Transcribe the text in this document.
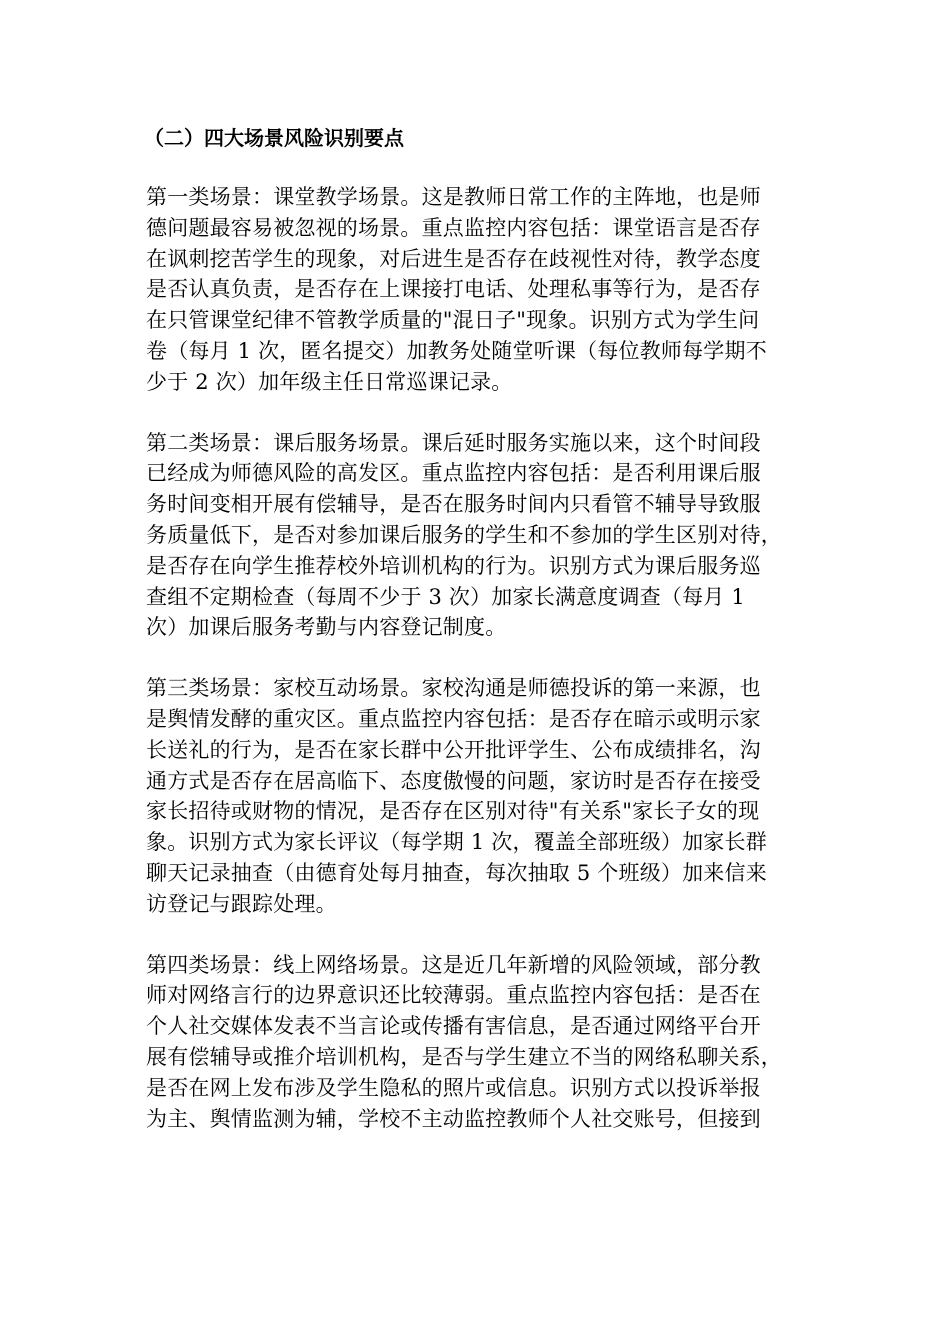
（二）四大场景风险识别要点
第一类场景：课堂教学场景。这是教师日常工作的主阵地，也是师
德问题最容易被忽视的场景。重点监控内容包括：课堂语言是否存
在讽刺挖苦学生的现象，对后进生是否存在歧视性对待，教学态度
是否认真负责，是否存在上课接打电话、处理私事等行为，是否存
在只管课堂纪律不管教学质量的"混日子"现象。识别方式为学生问
卷（每月 1 次，匿名提交）加教务处随堂听课（每位教师每学期不
少于 2 次）加年级主任日常巡课记录。
第二类场景：课后服务场景。课后延时服务实施以来，这个时间段
已经成为师德风险的高发区。重点监控内容包括：是否利用课后服
务时间变相开展有偿辅导，是否在服务时间内只看管不辅导导致服
务质量低下，是否对参加课后服务的学生和不参加的学生区别对待，
是否存在向学生推荐校外培训机构的行为。识别方式为课后服务巡
查组不定期检查（每周不少于 3 次）加家长满意度调查（每月 1
次）加课后服务考勤与内容登记制度。
第三类场景：家校互动场景。家校沟通是师德投诉的第一来源，也
是舆情发酵的重灾区。重点监控内容包括：是否存在暗示或明示家
长送礼的行为，是否在家长群中公开批评学生、公布成绩排名，沟
通方式是否存在居高临下、态度傲慢的问题，家访时是否存在接受
家长招待或财物的情况，是否存在区别对待"有关系"家长子女的现
象。识别方式为家长评议（每学期 1 次，覆盖全部班级）加家长群
聊天记录抽查（由德育处每月抽查，每次抽取 5 个班级）加来信来
访登记与跟踪处理。
第四类场景：线上网络场景。这是近几年新增的风险领域，部分教
师对网络言行的边界意识还比较薄弱。重点监控内容包括：是否在
个人社交媒体发表不当言论或传播有害信息，是否通过网络平台开
展有偿辅导或推介培训机构，是否与学生建立不当的网络私聊关系，
是否在网上发布涉及学生隐私的照片或信息。识别方式以投诉举报
为主、舆情监测为辅，学校不主动监控教师个人社交账号，但接到
